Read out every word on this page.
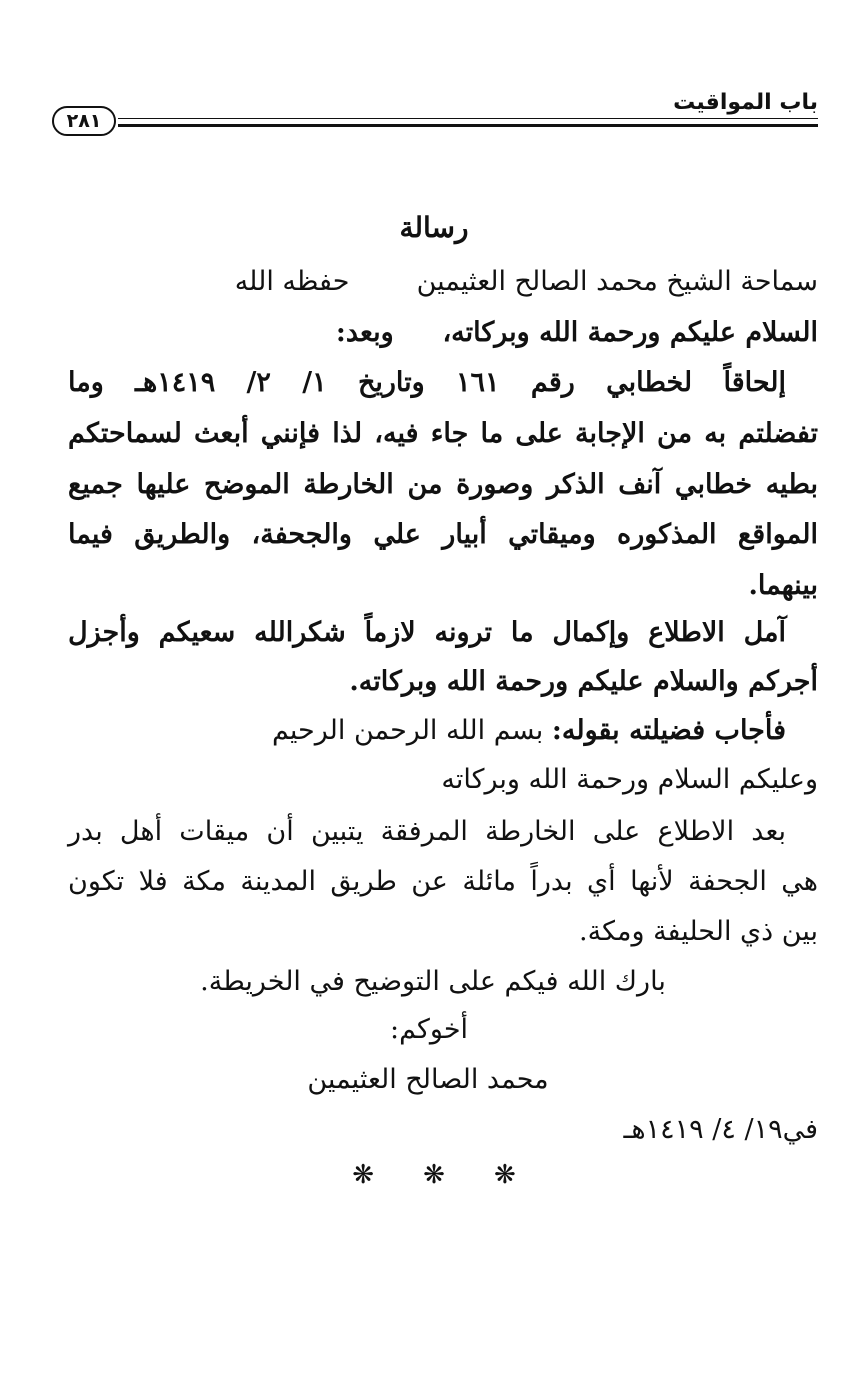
باب المواقيت
٢٨١
رسالة
سماحة الشيخ محمد الصالح العثيمين  حفظه الله
السلام عليكم ورحمة الله وبركاته،  وبعد:
إلحاقاً لخطابي رقم ١٦١ وتاريخ ١/ ٢/ ١٤١٩هـ وما
تفضلتم به من الإجابة على ما جاء فيه، لذا فإنني أبعث لسماحتكم
بطيه خطابي آنف الذكر وصورة من الخارطة الموضح عليها جميع
المواقع المذكوره وميقاتي أبيار علي والجحفة، والطريق فيما
بينهما.
آمل الاطلاع وإكمال ما ترونه لازماً شكرالله سعيكم وأجزل
أجركم والسلام عليكم ورحمة الله وبركاته.
فأجاب فضيلته بقوله: بسم الله الرحمن الرحيم
وعليكم السلام ورحمة الله وبركاته
بعد الاطلاع على الخارطة المرفقة يتبين أن ميقات أهل بدر
هي الجحفة لأنها أي بدراً مائلة عن طريق المدينة مكة فلا تكون
بين ذي الحليفة ومكة.
بارك الله فيكم على التوضيح في الخريطة.
أخوكم:
محمد الصالح العثيمين
في١٩/ ٤/ ١٤١٩هـ
❋ ❋ ❋
